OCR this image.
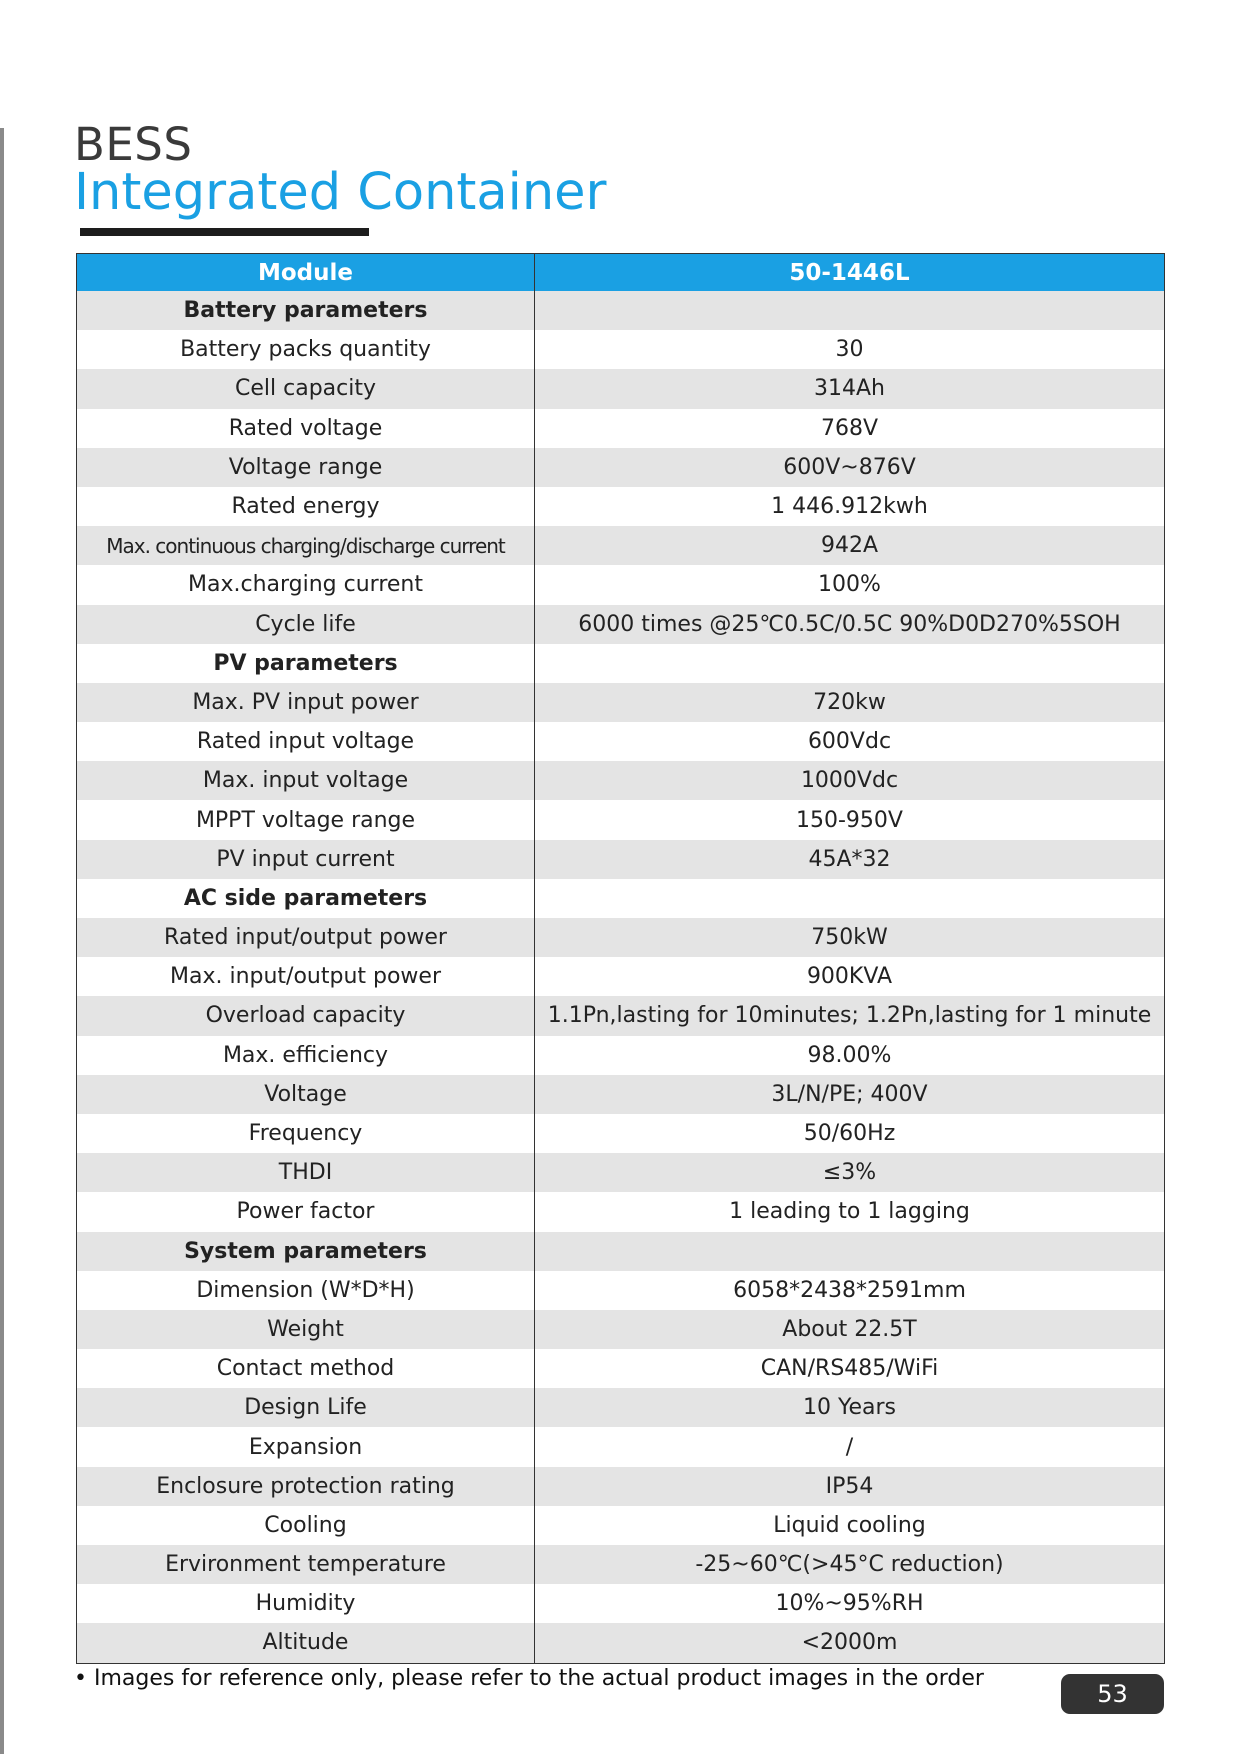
BESS
Integrated Container
Module	50-1446L
Battery parameters	
Battery packs quantity	30
Cell capacity	314Ah
Rated voltage	768V
Voltage range	600V~876V
Rated energy	1 446.912kwh
Max. continuous charging/discharge current	942A
Max.charging current	100%
Cycle life	6000 times @25℃0.5C/0.5C 90%D0D270%5SOH
PV parameters	
Max. PV input power	720kw
Rated input voltage	600Vdc
Max. input voltage	1000Vdc
MPPT voltage range	150-950V
PV input current	45A*32
AC side parameters	
Rated input/output power	750kW
Max. input/output power	900KVA
Overload capacity	1.1Pn,lasting for 10minutes; 1.2Pn,lasting for 1 minute
Max. efficiency	98.00%
Voltage	3L/N/PE; 400V
Frequency	50/60Hz
THDI	≤3%
Power factor	1 leading to 1 lagging
System parameters	
Dimension (W*D*H)	6058*2438*2591mm
Weight	About 22.5T
Contact method	CAN/RS485/WiFi
Design Life	10 Years
Expansion	/
Enclosure protection rating	IP54
Cooling	Liquid cooling
Ervironment temperature	-25~60℃(>45°C reduction)
Humidity	10%~95%RH
Altitude	<2000m
• Images for reference only, please refer to the actual product images in the order
53
